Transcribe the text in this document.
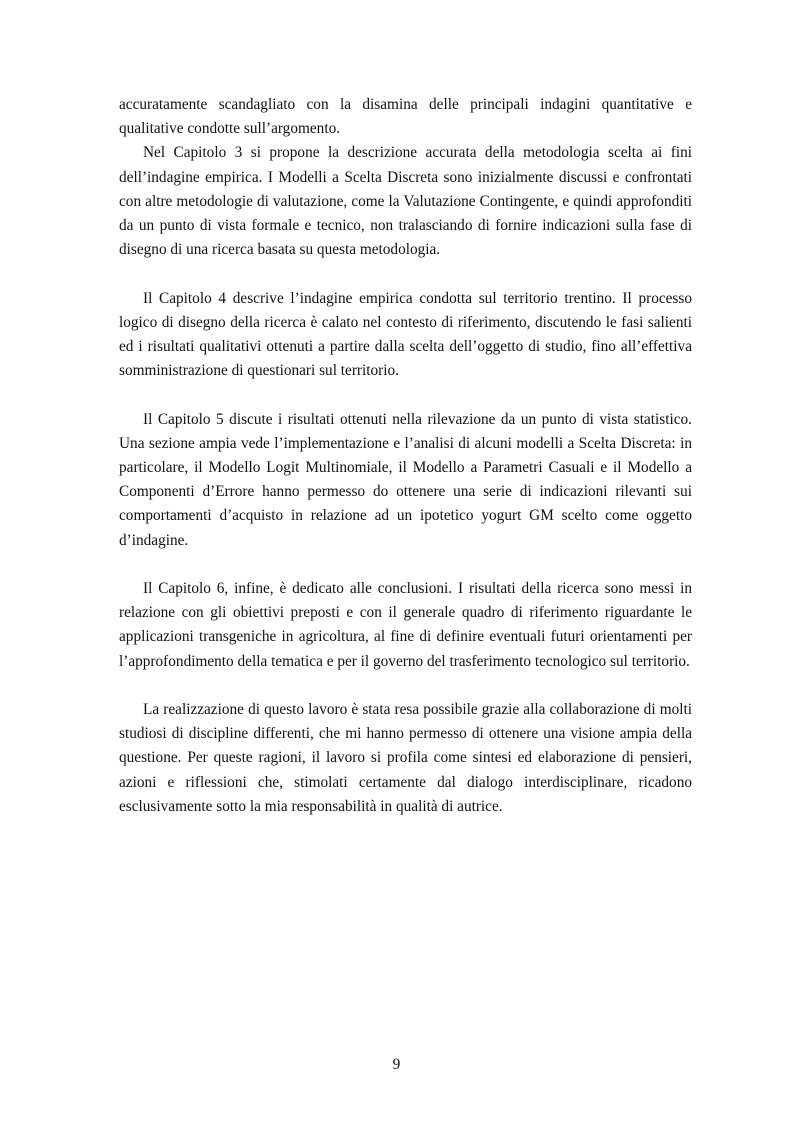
accuratamente scandagliato con la disamina delle principali indagini quantitative e qualitative condotte sull’argomento.

Nel Capitolo 3 si propone la descrizione accurata della metodologia scelta ai fini dell’indagine empirica. I Modelli a Scelta Discreta sono inizialmente discussi e confrontati con altre metodologie di valutazione, come la Valutazione Contingente, e quindi approfonditi da un punto di vista formale e tecnico, non tralasciando di fornire indicazioni sulla fase di disegno di una ricerca basata su questa metodologia.

Il Capitolo 4 descrive l’indagine empirica condotta sul territorio trentino. Il processo logico di disegno della ricerca è calato nel contesto di riferimento, discutendo le fasi salienti ed i risultati qualitativi ottenuti a partire dalla scelta dell’oggetto di studio, fino all’effettiva somministrazione di questionari sul territorio.

Il Capitolo 5 discute i risultati ottenuti nella rilevazione da un punto di vista statistico. Una sezione ampia vede l’implementazione e l’analisi di alcuni modelli a Scelta Discreta: in particolare, il Modello Logit Multinomiale, il Modello a Parametri Casuali e il Modello a Componenti d’Errore hanno permesso do ottenere una serie di indicazioni rilevanti sui comportamenti d’acquisto in relazione ad un ipotetico yogurt GM scelto come oggetto d’indagine.

Il Capitolo 6, infine, è dedicato alle conclusioni. I risultati della ricerca sono messi in relazione con gli obiettivi preposti e con il generale quadro di riferimento riguardante le applicazioni transgeniche in agricoltura, al fine di definire eventuali futuri orientamenti per l’approfondimento della tematica e per il governo del trasferimento tecnologico sul territorio.

La realizzazione di questo lavoro è stata resa possibile grazie alla collaborazione di molti studiosi di discipline differenti, che mi hanno permesso di ottenere una visione ampia della questione. Per queste ragioni, il lavoro si profila come sintesi ed elaborazione di pensieri, azioni e riflessioni che, stimolati certamente dal dialogo interdisciplinare, ricadono esclusivamente sotto la mia responsabilità in qualità di autrice.

9
